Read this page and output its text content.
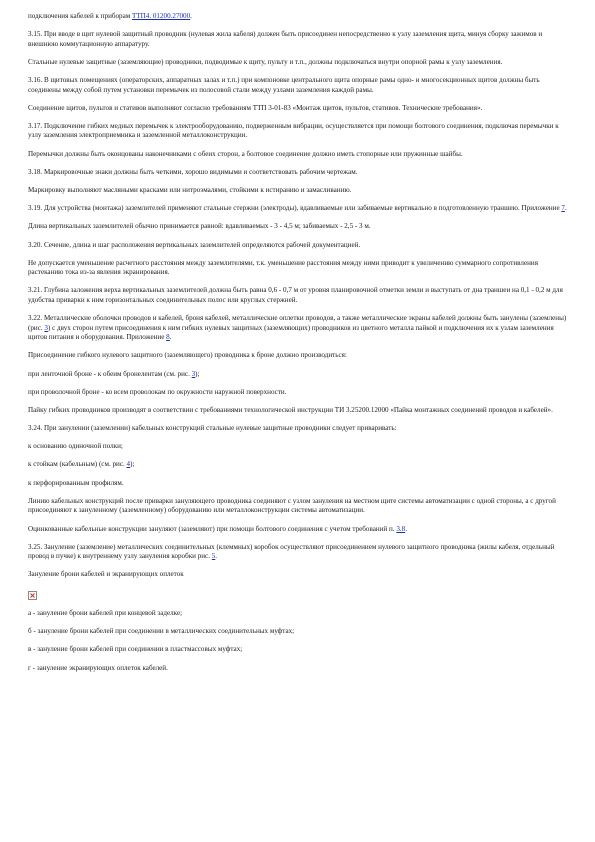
подключения кабелей к приборам ТТП4. 01200.27000.

3.15. При вводе в щит нулевой защитный проводник (нулевая жила кабеля) должен быть присоединен непосредственно к узлу заземления щита, минуя сборку зажимов и внешнюю коммутационную аппаратуру.

Стальные нулевые защитные (заземляющие) проводники, подводимые к щиту, пульту и т.п., должны подключаться внутри опорной рамы к узлу заземления.

3.16. В щитовых помещениях (операторских, аппаратных залах и т.п.) при компоновке центрального щита опорные рамы одно- и многосекционных щитов должны быть соединены между собой путем установки перемычек из полосовой стали между узлами заземления каждой рамы.

Соединение щитов, пультов и стативов выполняют согласно требованиям ТТП 3-01-83 «Монтаж щитов, пультов, стативов. Технические требования».

3.17. Подключение гибких медных перемычек к электрооборудованию, подверженным вибрации, осуществляется при помощи болтового соединения, подключая перемычки к узлу заземления электроприемника и заземленной металлоконструкции.

Перемычки должны быть оконцованы наконечниками с обеих сторон, а болтовое соединение должно иметь стопорные или пружинные шайбы.

3.18. Маркировочные знаки должны быть четкими, хорошо видимыми и соответствовать рабочим чертежам.

Маркировку выполняют масляными красками или нитроэмалями, стойкими к истиранию и замасливанию.

3.19. Для устройства (монтажа) заземлителей применяют стальные стержни (электроды), вдавливаемые или забиваемые вертикально в подготовленную траншею. Приложение 7.

Длина вертикальных заземлителей обычно принимается равной: вдавливаемых - 3 - 4,5 м; забиваемых - 2,5 - 3 м.

3.20. Сечение, длина и шаг расположения вертикальных заземлителей определяются рабочей документацией.

Не допускается уменьшение расчетного расстояния между заземлителями, т.к. уменьшение расстояния между ними приводит к увеличению суммарного сопротивления растеканию тока из-за явления экранирования.

3.21. Глубина заложения верха вертикальных заземлителей должна быть равна 0,6 - 0,7 м от уровня планировочной отметки земли и выступать от дна траншеи на 0,1 - 0,2 м для удобства приварки к ним горизонтальных соединительных полос или круглых стержней.

3.22. Металлические оболочки проводов и кабелей, броня кабелей, металлические оплетки проводов, а также металлические экраны кабелей должны быть занулены (заземлены) (рис. 3) с двух сторон путем присоединения к ним гибких нулевых защитных (заземляющих) проводников из цветного металла пайкой и подключения их к узлам заземления щитов питания и оборудования. Приложение 8.

Присоединение гибкого нулевого защитного (заземляющего) проводника к броне должно производиться:

при ленточной броне - к обеим бронелентам (см. рис. 3);

при проволочной броне - ко всем проволокам по окружности наружной поверхности.

Пайку гибких проводников производят в соответствии с требованиями технологической инструкции ТИ 3.25200.12000 «Пайка монтажных соединений проводов и кабелей».

3.24. При занулении (заземлении) кабельных конструкций стальные нулевые защитные проводники следует приваривать:

к основанию одиночной полки;

к стойкам (кабельным) (см. рис. 4);

к перфорированным профилям.

Линию кабельных конструкций после приварки зануляющего проводника соединяют с узлом зануления на местном щите системы автоматизации с одной стороны, а с другой присоединяют к зануленному (заземленному) оборудованию или металлоконструкции системы автоматизации.

Оцинкованные кабельные конструкции зануляют (заземляют) при помощи болтового соединения с учетом требований п. 3.8.

3.25. Зануление (заземление) металлических соединительных (клеммных) коробок осуществляют присоединением нулевого защитного проводника (жилы кабеля, отдельный провод в пучке) к внутреннему узлу зануления коробки рис. 5.

Зануление брони кабелей и экранирующих оплеток

а - зануление брони кабелей при концевой заделке;

б - зануление брони кабелей при соединении в металлических соединительных муфтах;

в - зануление брони кабелей при соединении в пластмассовых муфтах;

г - зануление экранирующих оплеток кабелей.
